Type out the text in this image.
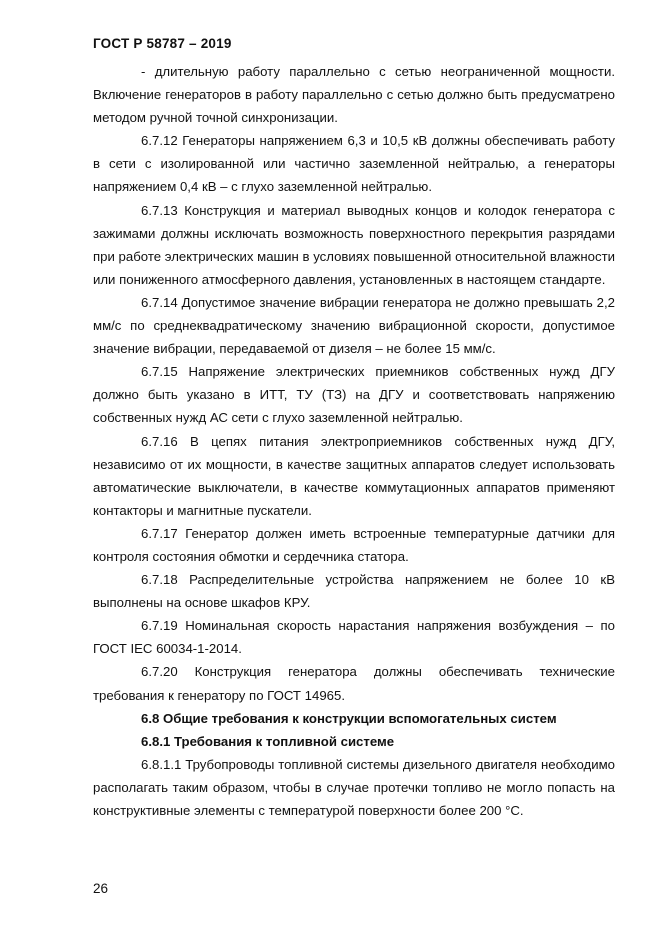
ГОСТ Р 58787 – 2019

- длительную работу параллельно с сетью неограниченной мощности. Включение генераторов в работу параллельно с сетью должно быть предусматрено методом ручной точной синхронизации.

6.7.12 Генераторы напряжением 6,3 и 10,5 кВ должны обеспечивать работу в сети с изолированной или частично заземленной нейтралью, а генераторы напряжением 0,4 кВ – с глухо заземленной нейтралью.

6.7.13 Конструкция и материал выводных концов и колодок генератора с зажимами должны исключать возможность поверхностного перекрытия разрядами при работе электрических машин в условиях повышенной относительной влажности или пониженного атмосферного давления, установленных в настоящем стандарте.

6.7.14 Допустимое значение вибрации генератора не должно превышать 2,2 мм/с по среднеквадратическому значению вибрационной скорости, допустимое значение вибрации, передаваемой от дизеля – не более 15 мм/с.

6.7.15 Напряжение электрических приемников собственных нужд ДГУ должно быть указано в ИТТ, ТУ (ТЗ) на ДГУ и соответствовать напряжению собственных нужд АС сети с глухо заземленной нейтралью.

6.7.16 В цепях питания электроприемников собственных нужд ДГУ, независимо от их мощности, в качестве защитных аппаратов следует использовать автоматические выключатели, в качестве коммутационных аппаратов применяют контакторы и магнитные пускатели.

6.7.17 Генератор должен иметь встроенные температурные датчики для контроля состояния обмотки и сердечника статора.

6.7.18 Распределительные устройства напряжением не более 10 кВ выполнены на основе шкафов КРУ.

6.7.19 Номинальная скорость нарастания напряжения возбуждения – по ГОСТ IEC 60034-1-2014.

6.7.20 Конструкция генератора должны обеспечивать технические требования к генератору по ГОСТ 14965.

6.8 Общие требования к конструкции вспомогательных систем

6.8.1 Требования к топливной системе

6.8.1.1 Трубопроводы топливной системы дизельного двигателя необходимо располагать таким образом, чтобы в случае протечки топливо не могло попасть на конструктивные элементы с температурой поверхности более 200 °С.

26
